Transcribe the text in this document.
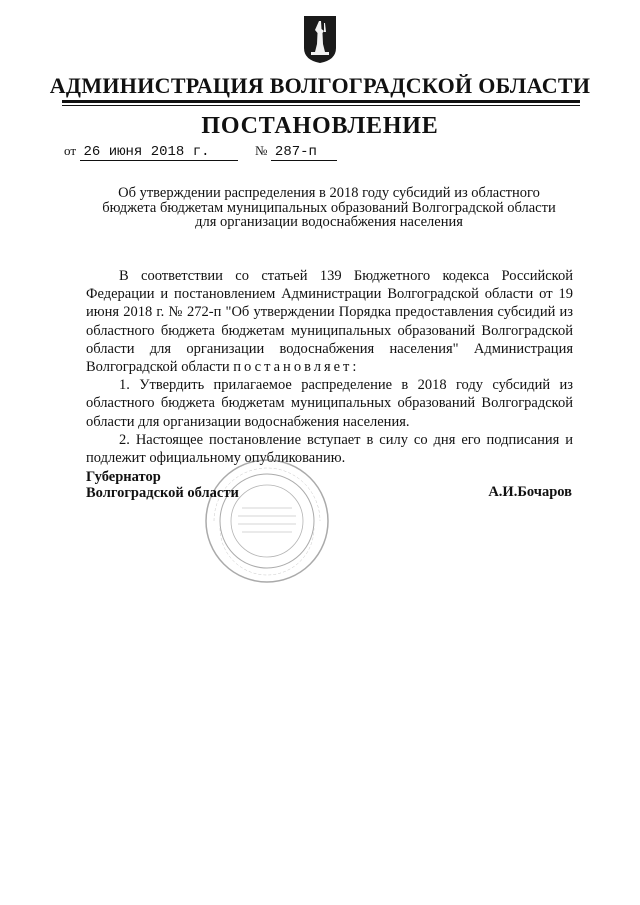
АДМИНИСТРАЦИЯ ВОЛГОГРАДСКОЙ ОБЛАСТИ
ПОСТАНОВЛЕНИЕ
от 26 июня 2018 г.	№ 287-п
Об утверждении распределения в 2018 году субсидий из областного
бюджета бюджетам муниципальных образований Волгоградской области
для организации водоснабжения населения

В соответствии со статьей 139 Бюджетного кодекса Российской Федерации и постановлением Администрации Волгоградской области от 19 июня 2018 г. № 272-п "Об утверждении Порядка предоставления субсидий из областного бюджета бюджетам муниципальных образований Волгоградской области для организации водоснабжения населения" Администрация Волгоградской области постановляет:

1. Утвердить прилагаемое распределение в 2018 году субсидий из областного бюджета бюджетам муниципальных образований Волгоградской области для организации водоснабжения населения.

2. Настоящее постановление вступает в силу со дня его подписания и подлежит официальному опубликованию.

Губернатор
Волгоградской области	А.И.Бочаров
